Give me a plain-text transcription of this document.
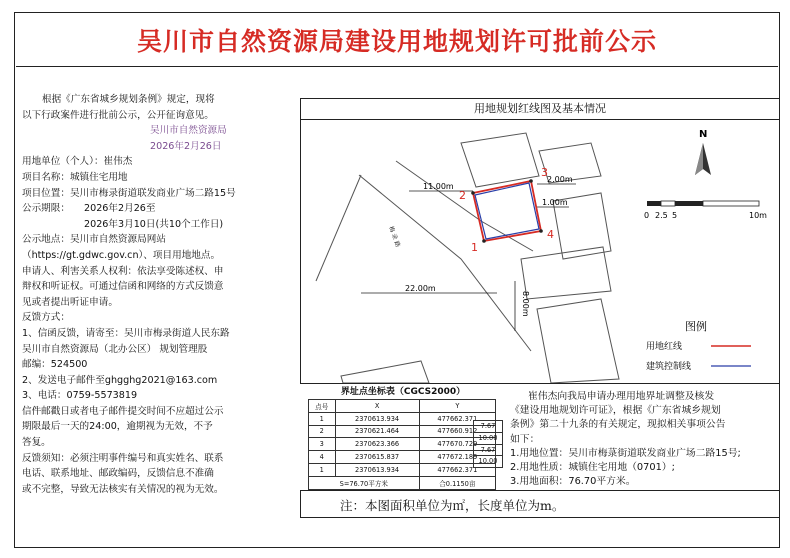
吴川市自然资源局建设用地规划许可批前公示

根据《广东省城乡规划条例》规定，现将

以下行政案件进行批前公示，公开征询意见。

吴川市自然资源局

2026年2月26日

用地单位（个人）：崔伟杰

项目名称：城镇住宅用地

项目位置：吴川市梅录街道联发商业广场二路15号

公示期限：	2026年2月26至

2026年3月10日(共10个工作日)

公示地点：吴川市自然资源局网站

（https://gt.gdwc.gov.cn）、项目用地地点。

申请人、利害关系人权利：依法享受陈述权、申

辩权和听证权。可通过信函和网络的方式反馈意

见或者提出听证申请。

反馈方式：

1、信函反馈，请寄至：吴川市梅录街道人民东路

吴川市自然资源局（北办公区） 规划管理股

邮编：524500

2、发送电子邮件至ghgghg2021@163.com

3、电话：0759-5573819

信件邮戳日或者电子邮件提交时间不应超过公示

期限最后一天的24:00，逾期视为无效，不予

答复。

反馈须知：必须注明事件编号和真实姓名、联系

电话、联系地址、邮政编码，反馈信息不准确

或不完整，导致无法核实有关情况的视为无效。

用地规划红线图及基本情况
11.00m
2.00m
1.00m
22.00m
8.00m
梅 录 路	1
2
3
4
N
0 2.5 5	10m
图例
用地红线
建筑控制线
界址点坐标表（CGCS2000）
点号	X	Y
1	2370613.934	477662.371
2	2370621.464	477660.912
3	2370623.366	477670.729
4	2370615.837	477672.189
1	2370613.934	477662.371
S=76.70平方米		合0.1150亩
7.67
10.00
7.67
10.00

崔伟杰向我局申请办理用地界址调整及核发

《建设用地规划许可证》，根据《广东省城乡规划

条例》第二十九条的有关规定，现拟相关事项公告

如下：

1.用地位置：吴川市梅菉街道联发商业广场二路15号;

2.用地性质：城镇住宅用地（0701）;

3.用地面积：76.70平方米。

注：本图面积单位为㎡，长度单位为m。
